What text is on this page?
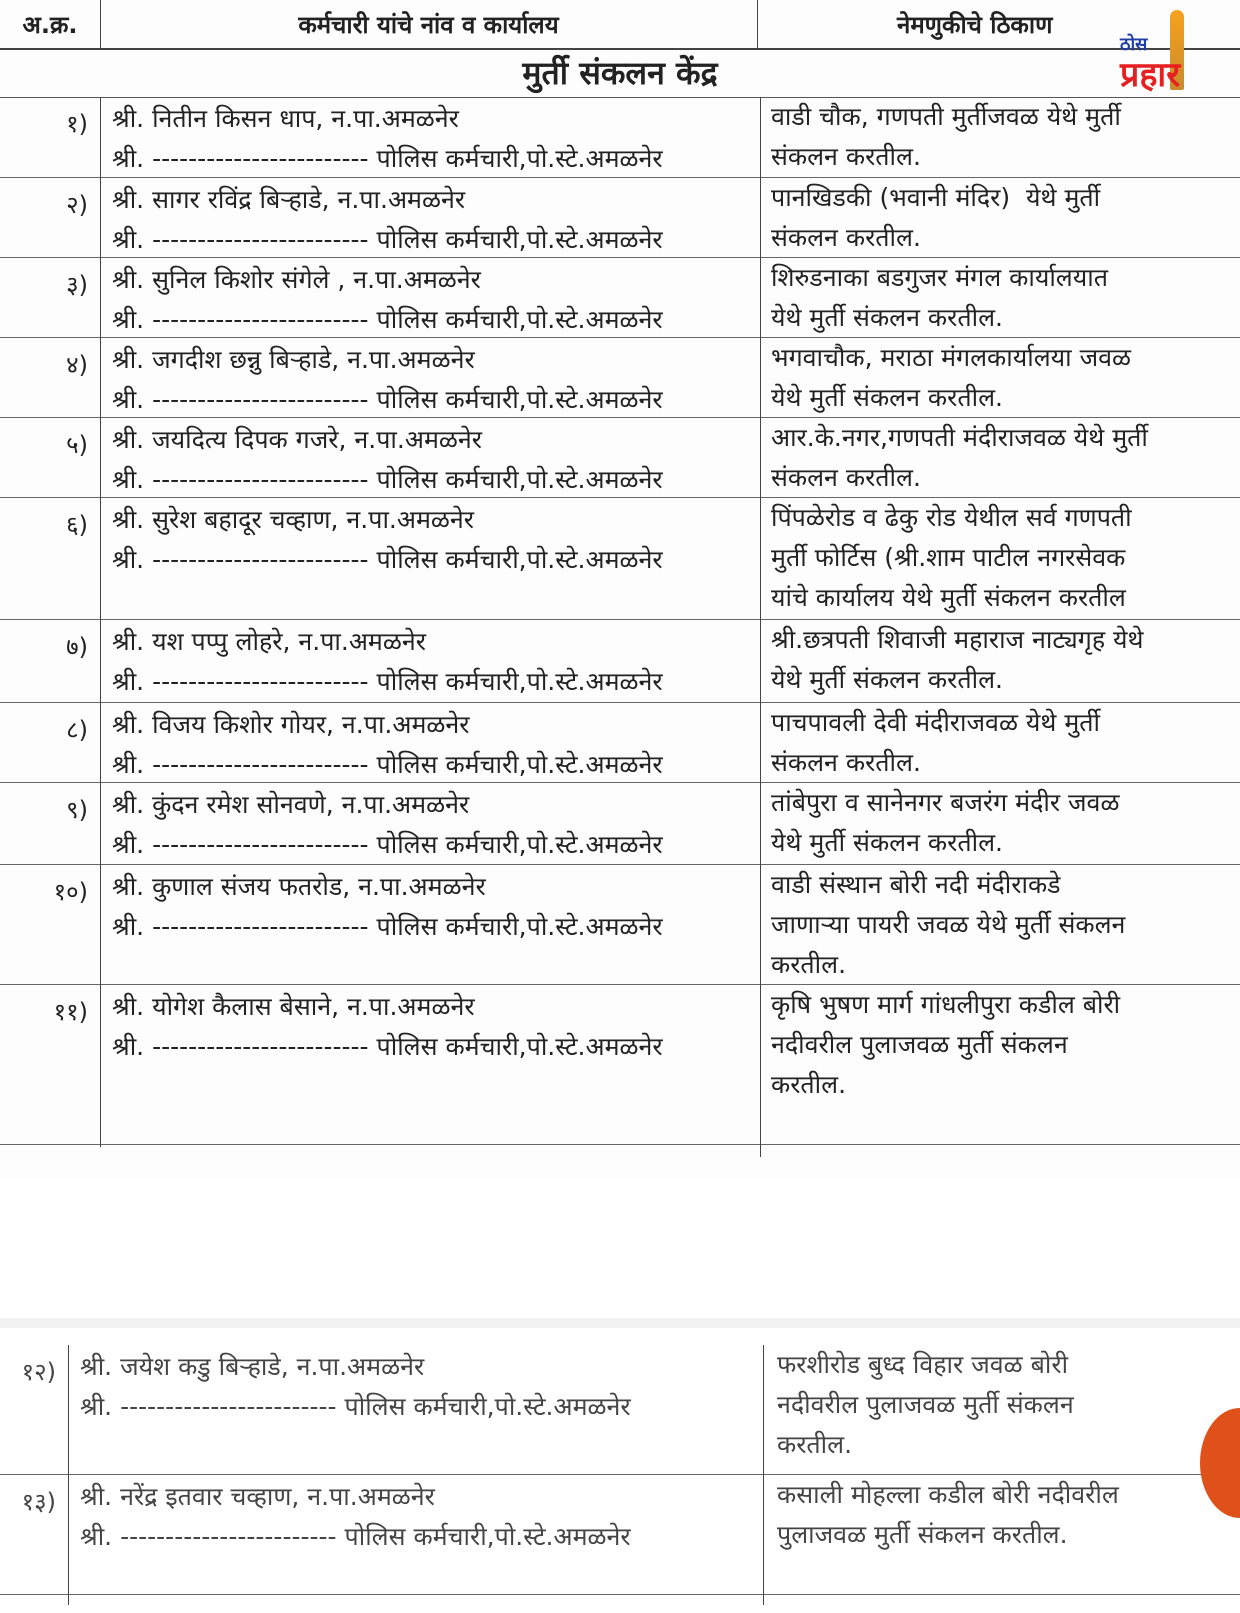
अ.क्र.	कर्मचारी यांचे नांव व कार्यालय	नेमणुकीचे ठिकाण
मुर्ती संकलन केंद्र
१) श्री. नितीन किसन धाप, न.पा.अमळनेर
श्री. ------------------------ पोलिस कर्मचारी,पो.स्टे.अमळनेर
वाडी चौक, गणपती मुर्तीजवळ येथे मुर्ती
संकलन करतील.
२) श्री. सागर रविंद्र बिऱ्हाडे, न.पा.अमळनेर
श्री. ------------------------ पोलिस कर्मचारी,पो.स्टे.अमळनेर
पानखिडकी (भवानी मंदिर)  येथे मुर्ती
संकलन करतील.
३) श्री. सुनिल किशोर संगेले , न.पा.अमळनेर
श्री. ------------------------ पोलिस कर्मचारी,पो.स्टे.अमळनेर
शिरुडनाका बडगुजर मंगल कार्यालयात
येथे मुर्ती संकलन करतील.
४) श्री. जगदीश छन्नु बिऱ्हाडे, न.पा.अमळनेर
श्री. ------------------------ पोलिस कर्मचारी,पो.स्टे.अमळनेर
भगवाचौक, मराठा मंगलकार्यालया जवळ
येथे मुर्ती संकलन करतील.
५) श्री. जयदित्य दिपक गजरे, न.पा.अमळनेर
श्री. ------------------------ पोलिस कर्मचारी,पो.स्टे.अमळनेर
आर.के.नगर,गणपती मंदीराजवळ येथे मुर्ती
संकलन करतील.
६) श्री. सुरेश बहादूर चव्हाण, न.पा.अमळनेर
श्री. ------------------------ पोलिस कर्मचारी,पो.स्टे.अमळनेर
पिंपळेरोड व ढेकु रोड येथील सर्व गणपती
मुर्ती फोर्टिस (श्री.शाम पाटील नगरसेवक
यांचे कार्यालय येथे मुर्ती संकलन करतील
७) श्री. यश पप्पु लोहरे, न.पा.अमळनेर
श्री. ------------------------ पोलिस कर्मचारी,पो.स्टे.अमळनेर
श्री.छत्रपती शिवाजी महाराज नाट्यगृह येथे
येथे मुर्ती संकलन करतील.
८) श्री. विजय किशोर गोयर, न.पा.अमळनेर
श्री. ------------------------ पोलिस कर्मचारी,पो.स्टे.अमळनेर
पाचपावली देवी मंदीराजवळ येथे मुर्ती
संकलन करतील.
९) श्री. कुंदन रमेश सोनवणे, न.पा.अमळनेर
श्री. ------------------------ पोलिस कर्मचारी,पो.स्टे.अमळनेर
तांबेपुरा व सानेनगर बजरंग मंदीर जवळ
येथे मुर्ती संकलन करतील.
१०) श्री. कुणाल संजय फतरोड, न.पा.अमळनेर
श्री. ------------------------ पोलिस कर्मचारी,पो.स्टे.अमळनेर
वाडी संस्थान बोरी नदी मंदीराकडे
जाणाऱ्या पायरी जवळ येथे मुर्ती संकलन
करतील.
११) श्री. योगेश कैलास बेसाने, न.पा.अमळनेर
श्री. ------------------------ पोलिस कर्मचारी,पो.स्टे.अमळनेर
कृषि भुषण मार्ग गांधलीपुरा कडील बोरी
नदीवरील पुलाजवळ मुर्ती संकलन
करतील.
ठोस
प्रहार
१२) श्री. जयेश कडु बिऱ्हाडे, न.पा.अमळनेर
श्री. ------------------------ पोलिस कर्मचारी,पो.स्टे.अमळनेर
फरशीरोड बुध्द विहार जवळ बोरी
नदीवरील पुलाजवळ मुर्ती संकलन
करतील.
१३) श्री. नरेंद्र इतवार चव्हाण, न.पा.अमळनेर
श्री. ------------------------ पोलिस कर्मचारी,पो.स्टे.अमळनेर
कसाली मोहल्ला कडील बोरी नदीवरील
पुलाजवळ मुर्ती संकलन करतील.
